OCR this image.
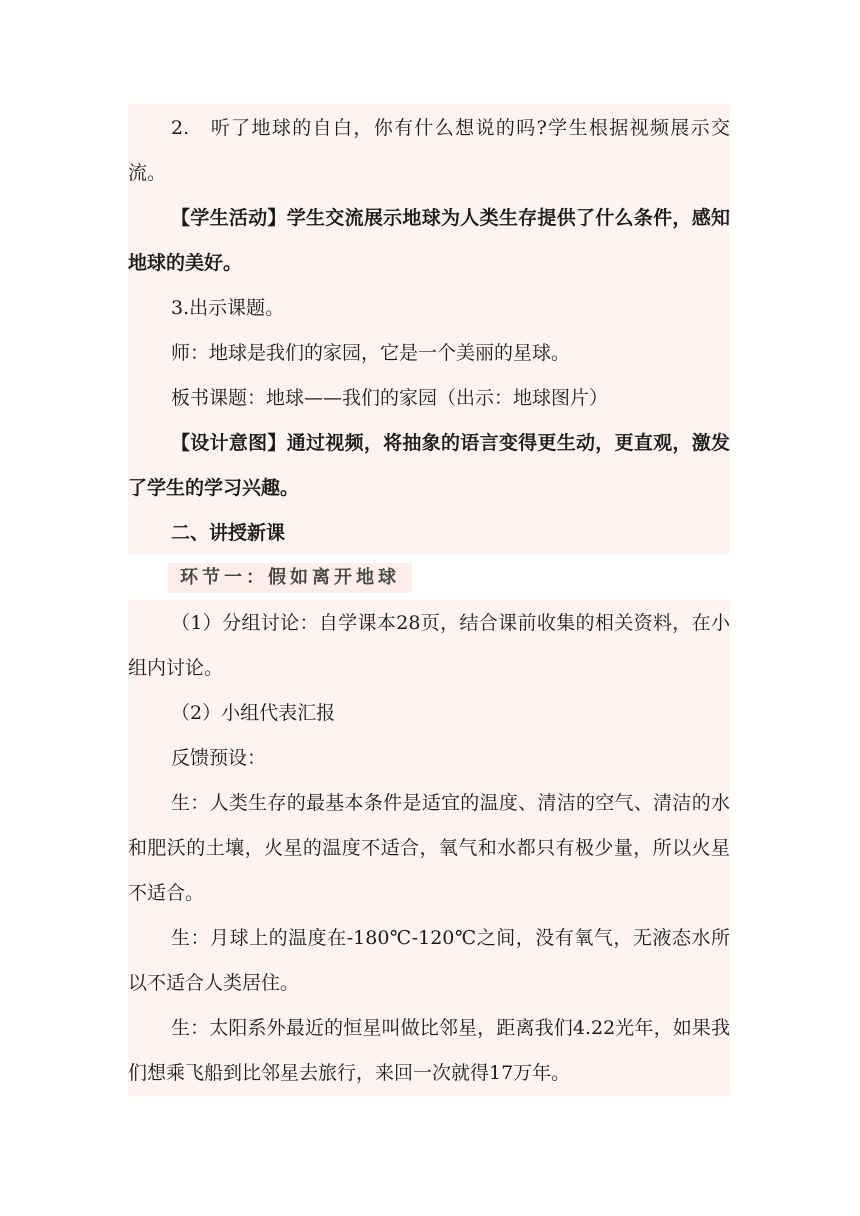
2.　听了地球的自白，你有什么想说的吗?学生根据视频展示交流。

【学生活动】学生交流展示地球为人类生存提供了什么条件，感知地球的美好。

3.出示课题。

师：地球是我们的家园，它是一个美丽的星球。

板书课题：地球——我们的家园（出示：地球图片）

【设计意图】通过视频，将抽象的语言变得更生动，更直观，激发了学生的学习兴趣。

二、讲授新课

环节一：假如离开地球

（1）分组讨论：自学课本28页，结合课前收集的相关资料，在小组内讨论。

（2）小组代表汇报

反馈预设：

生：人类生存的最基本条件是适宜的温度、清洁的空气、清洁的水和肥沃的土壤，火星的温度不适合，氧气和水都只有极少量，所以火星不适合。

生：月球上的温度在-180℃-120℃之间，没有氧气，无液态水所以不适合人类居住。

生：太阳系外最近的恒星叫做比邻星，距离我们4.22光年，如果我们想乘飞船到比邻星去旅行，来回一次就得17万年。
